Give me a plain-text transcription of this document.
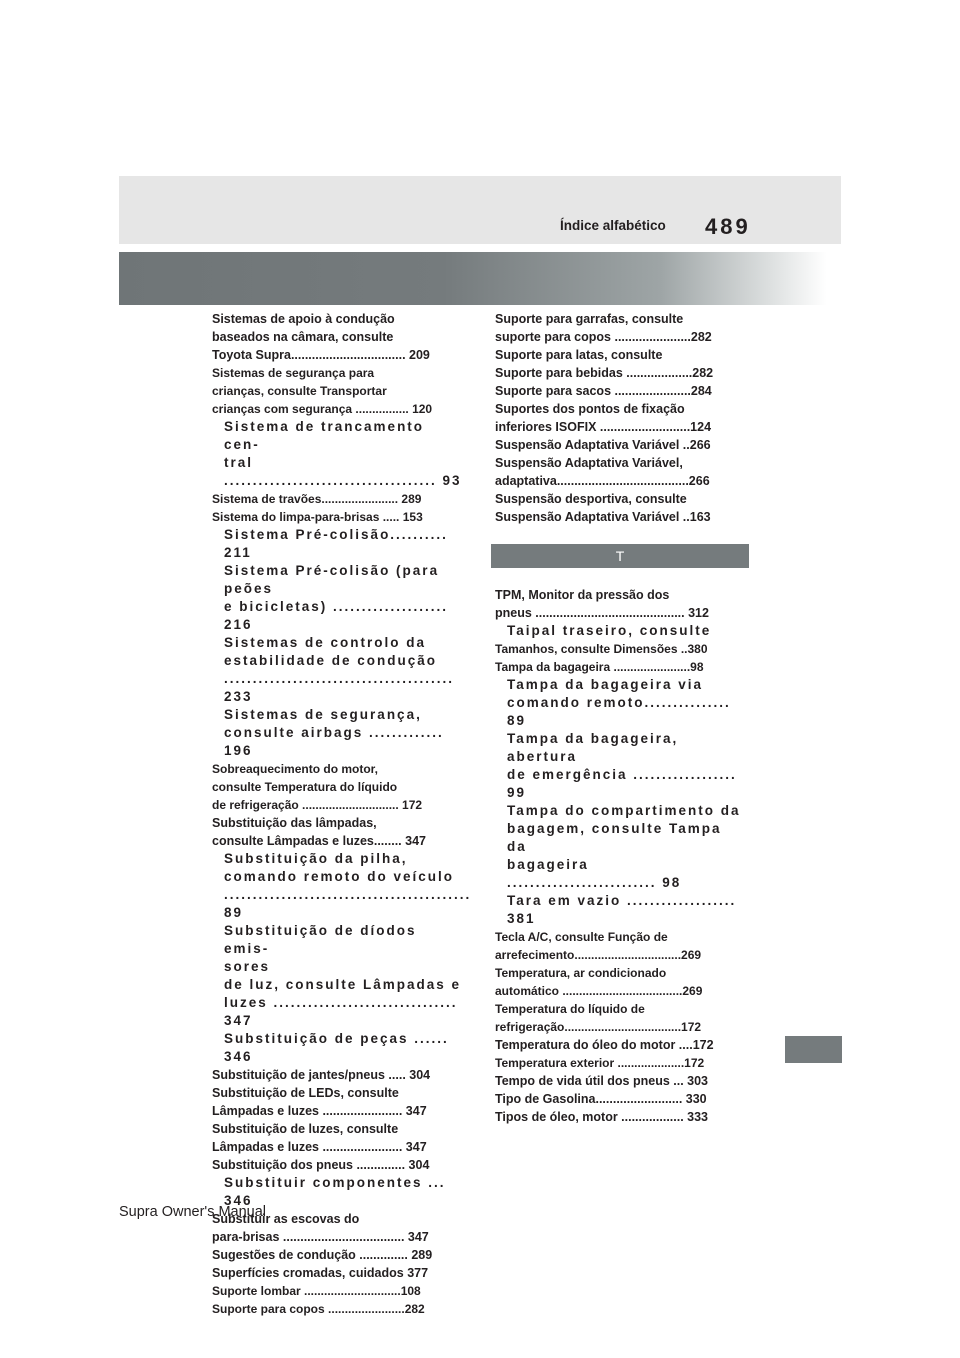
Índice alfabético	489
Sistemas de apoio à condução
baseados na câmara, consulte
Toyota Supra................................. 209
Sistemas de segurança para
crianças, consulte Transportar
crianças com segurança ................ 120
Sistema de trancamento cen-
tral ..................................... 93
Sistema de travões....................... 289
Sistema do limpa-para-brisas ..... 153
Sistema Pré-colisão.......... 211
Sistema Pré-colisão (para
peões
e bicicletas) .................... 216
Sistemas de controlo da
estabilidade de condução
........................................ 233
Sistemas de segurança,
consulte airbags ............. 196
Sobreaquecimento do motor,
consulte Temperatura do líquido
de refrigeração ............................. 172
Substituição das lâmpadas,
consulte Lâmpadas e luzes........ 347
Substituição da pilha,
comando remoto do veículo
........................................... 89
Substituição de díodos emis-
sores
de luz, consulte Lâmpadas e
luzes ................................ 347
Substituição de peças ...... 346
Substituição de jantes/pneus ..... 304
Substituição de LEDs, consulte
Lâmpadas e luzes ....................... 347
Substituição de luzes, consulte
Lâmpadas e luzes ....................... 347
Substituição dos pneus .............. 304
Substituir componentes ... 346
Substituir as escovas do
para-brisas ................................... 347
Sugestões de condução .............. 289
Superfícies cromadas, cuidados 377
Suporte lombar .............................108
Suporte para copos .......................282
Suporte para garrafas, consulte
suporte para copos ......................282
Suporte para latas, consulte
Suporte para bebidas ...................282
Suporte para sacos ......................284
Suportes dos pontos de fixação
inferiores ISOFIX ..........................124
Suspensão Adaptativa Variável ..266
Suspensão Adaptativa Variável,
adaptativa......................................266
Suspensão desportiva, consulte
Suspensão Adaptativa Variável ..163
T
TPM, Monitor da pressão dos
pneus ........................................... 312
Taipal traseiro, consulte
Tamanhos, consulte Dimensões ..380
Tampa da bagageira .......................98
Tampa da bagageira via
comando remoto............... 89
Tampa da bagageira, abertura
de emergência .................. 99
Tampa do compartimento da
bagagem, consulte Tampa
da
bagageira .......................... 98
Tara em vazio ................... 381
Tecla A/C, consulte Função de
arrefecimento................................269
Temperatura, ar condicionado
automático ....................................269
Temperatura do líquido de
refrigeração...................................172
Temperatura do óleo do motor ....172
Temperatura exterior ....................172
Tempo de vida útil dos pneus ... 303
Tipo de Gasolina......................... 330
Tipos de óleo, motor .................. 333
Supra Owner's Manual
